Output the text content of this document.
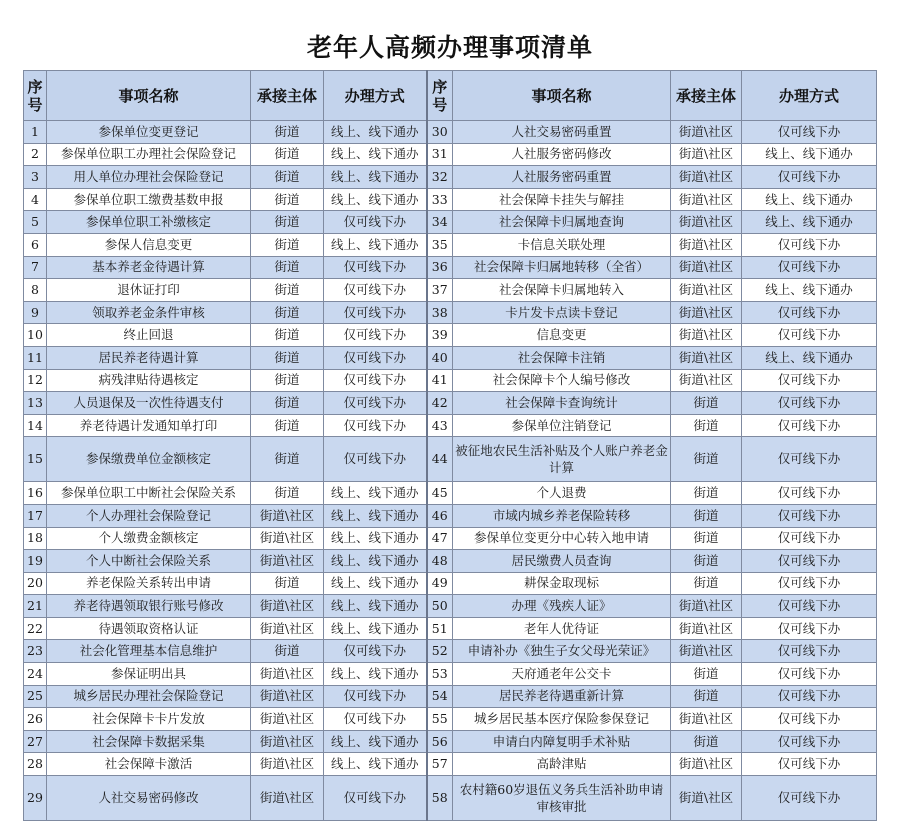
老年人高频办理事项清单
序号	事项名称	承接主体	办理方式	序号	事项名称	承接主体	办理方式
1	参保单位变更登记	街道	线上、线下通办	30	人社交易密码重置	街道\社区	仅可线下办
2	参保单位职工办理社会保险登记	街道	线上、线下通办	31	人社服务密码修改	街道\社区	线上、线下通办
3	用人单位办理社会保险登记	街道	线上、线下通办	32	人社服务密码重置	街道\社区	仅可线下办
4	参保单位职工缴费基数申报	街道	线上、线下通办	33	社会保障卡挂失与解挂	街道\社区	线上、线下通办
5	参保单位职工补缴核定	街道	仅可线下办	34	社会保障卡归属地查询	街道\社区	线上、线下通办
6	参保人信息变更	街道	线上、线下通办	35	卡信息关联处理	街道\社区	仅可线下办
7	基本养老金待遇计算	街道	仅可线下办	36	社会保障卡归属地转移（全省）	街道\社区	仅可线下办
8	退休证打印	街道	仅可线下办	37	社会保障卡归属地转入	街道\社区	线上、线下通办
9	领取养老金条件审核	街道	仅可线下办	38	卡片发卡点读卡登记	街道\社区	仅可线下办
10	终止回退	街道	仅可线下办	39	信息变更	街道\社区	仅可线下办
11	居民养老待遇计算	街道	仅可线下办	40	社会保障卡注销	街道\社区	线上、线下通办
12	病残津贴待遇核定	街道	仅可线下办	41	社会保障卡个人编号修改	街道\社区	仅可线下办
13	人员退保及一次性待遇支付	街道	仅可线下办	42	社会保障卡查询统计	街道	仅可线下办
14	养老待遇计发通知单打印	街道	仅可线下办	43	参保单位注销登记	街道	仅可线下办
15	参保缴费单位金额核定	街道	仅可线下办	44	被征地农民生活补贴及个人账户养老金计算	街道	仅可线下办
16	参保单位职工中断社会保险关系	街道	线上、线下通办	45	个人退费	街道	仅可线下办
17	个人办理社会保险登记	街道\社区	线上、线下通办	46	市域内城乡养老保险转移	街道	仅可线下办
18	个人缴费金额核定	街道\社区	线上、线下通办	47	参保单位变更分中心转入地申请	街道	仅可线下办
19	个人中断社会保险关系	街道\社区	线上、线下通办	48	居民缴费人员查询	街道	仅可线下办
20	养老保险关系转出申请	街道	线上、线下通办	49	耕保金取现标	街道	仅可线下办
21	养老待遇领取银行账号修改	街道\社区	线上、线下通办	50	办理《残疾人证》	街道\社区	仅可线下办
22	待遇领取资格认证	街道\社区	线上、线下通办	51	老年人优待证	街道\社区	仅可线下办
23	社会化管理基本信息维护	街道	仅可线下办	52	申请补办《独生子女父母光荣证》	街道\社区	仅可线下办
24	参保证明出具	街道\社区	线上、线下通办	53	天府通老年公交卡	街道	仅可线下办
25	城乡居民办理社会保险登记	街道\社区	仅可线下办	54	居民养老待遇重新计算	街道	仅可线下办
26	社会保障卡卡片发放	街道\社区	仅可线下办	55	城乡居民基本医疗保险参保登记	街道\社区	仅可线下办
27	社会保障卡数据采集	街道\社区	线上、线下通办	56	申请白内障复明手术补贴	街道	仅可线下办
28	社会保障卡激活	街道\社区	线上、线下通办	57	高龄津贴	街道\社区	仅可线下办
29	人社交易密码修改	街道\社区	仅可线下办	58	农村籍60岁退伍义务兵生活补助申请审核审批	街道\社区	仅可线下办
